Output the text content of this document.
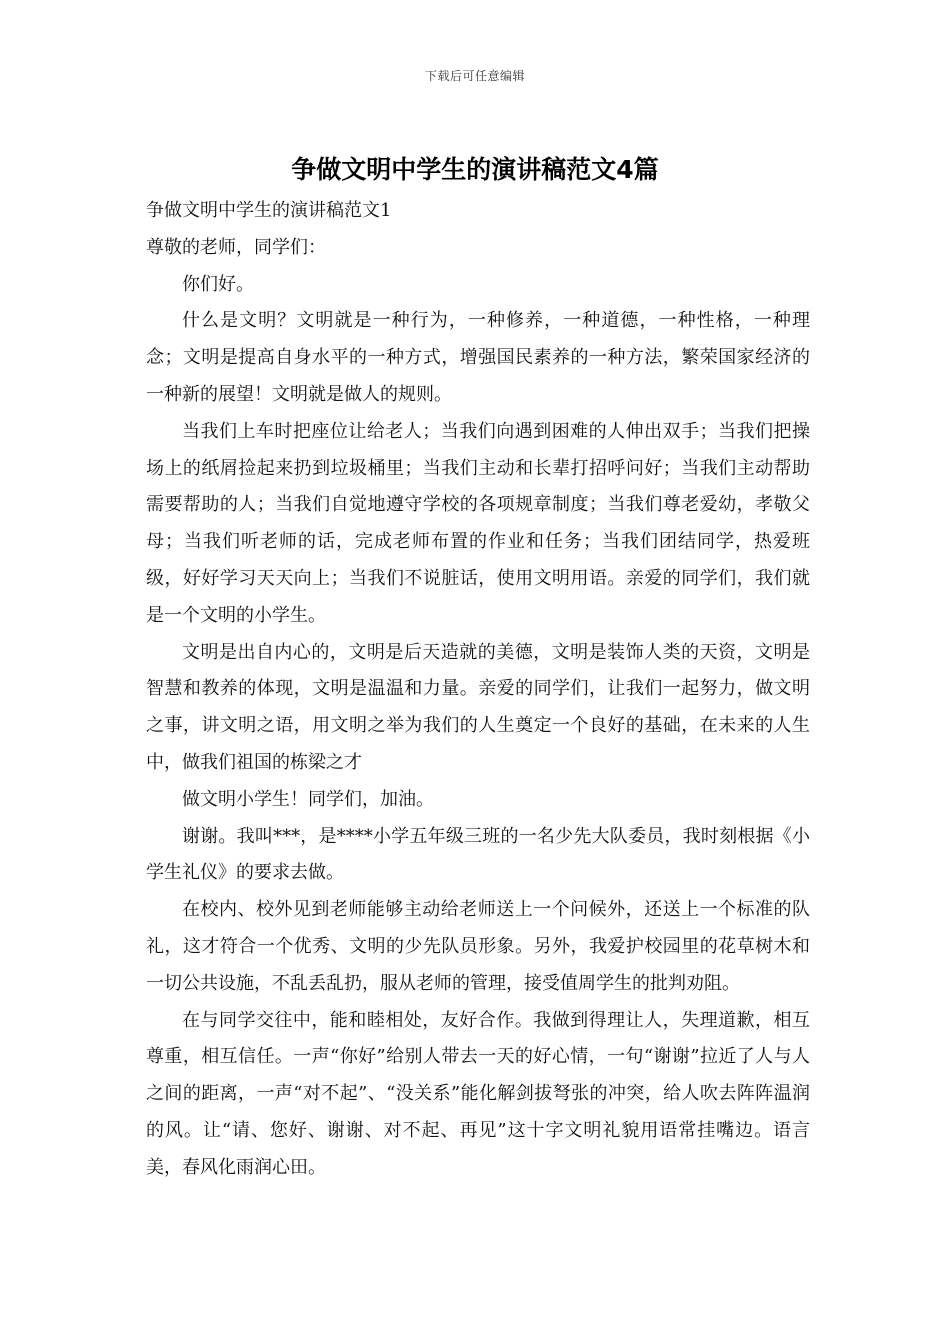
下载后可任意编辑
争做文明中学生的演讲稿范文4篇

争做文明中学生的演讲稿范文1

尊敬的老师，同学们：

你们好。

什么是文明？文明就是一种行为，一种修养，一种道德，一种性格，一种理念；文明是提高自身水平的一种方式，增强国民素养的一种方法，繁荣国家经济的一种新的展望！文明就是做人的规则。

当我们上车时把座位让给老人；当我们向遇到困难的人伸出双手；当我们把操场上的纸屑捡起来扔到垃圾桶里；当我们主动和长辈打招呼问好；当我们主动帮助需要帮助的人；当我们自觉地遵守学校的各项规章制度；当我们尊老爱幼，孝敬父母；当我们听老师的话，完成老师布置的作业和任务；当我们团结同学，热爱班级，好好学习天天向上；当我们不说脏话，使用文明用语。亲爱的同学们，我们就是一个文明的小学生。

文明是出自内心的，文明是后天造就的美德，文明是装饰人类的天资，文明是智慧和教养的体现，文明是温温和力量。亲爱的同学们，让我们一起努力，做文明之事，讲文明之语，用文明之举为我们的人生奠定一个良好的基础，在未来的人生中，做我们祖国的栋梁之才

做文明小学生！同学们，加油。

谢谢。我叫***，是****小学五年级三班的一名少先大队委员，我时刻根据《小学生礼仪》的要求去做。

在校内、校外见到老师能够主动给老师送上一个问候外，还送上一个标准的队礼，这才符合一个优秀、文明的少先队员形象。另外，我爱护校园里的花草树木和一切公共设施，不乱丢乱扔，服从老师的管理，接受值周学生的批判劝阻。

在与同学交往中，能和睦相处，友好合作。我做到得理让人，失理道歉，相互尊重，相互信任。一声“你好”给别人带去一天的好心情，一句“谢谢”拉近了人与人之间的距离，一声“对不起”、“没关系”能化解剑拔弩张的冲突，给人吹去阵阵温润的风。让“请、您好、谢谢、对不起、再见”这十字文明礼貌用语常挂嘴边。语言美，春风化雨润心田。
